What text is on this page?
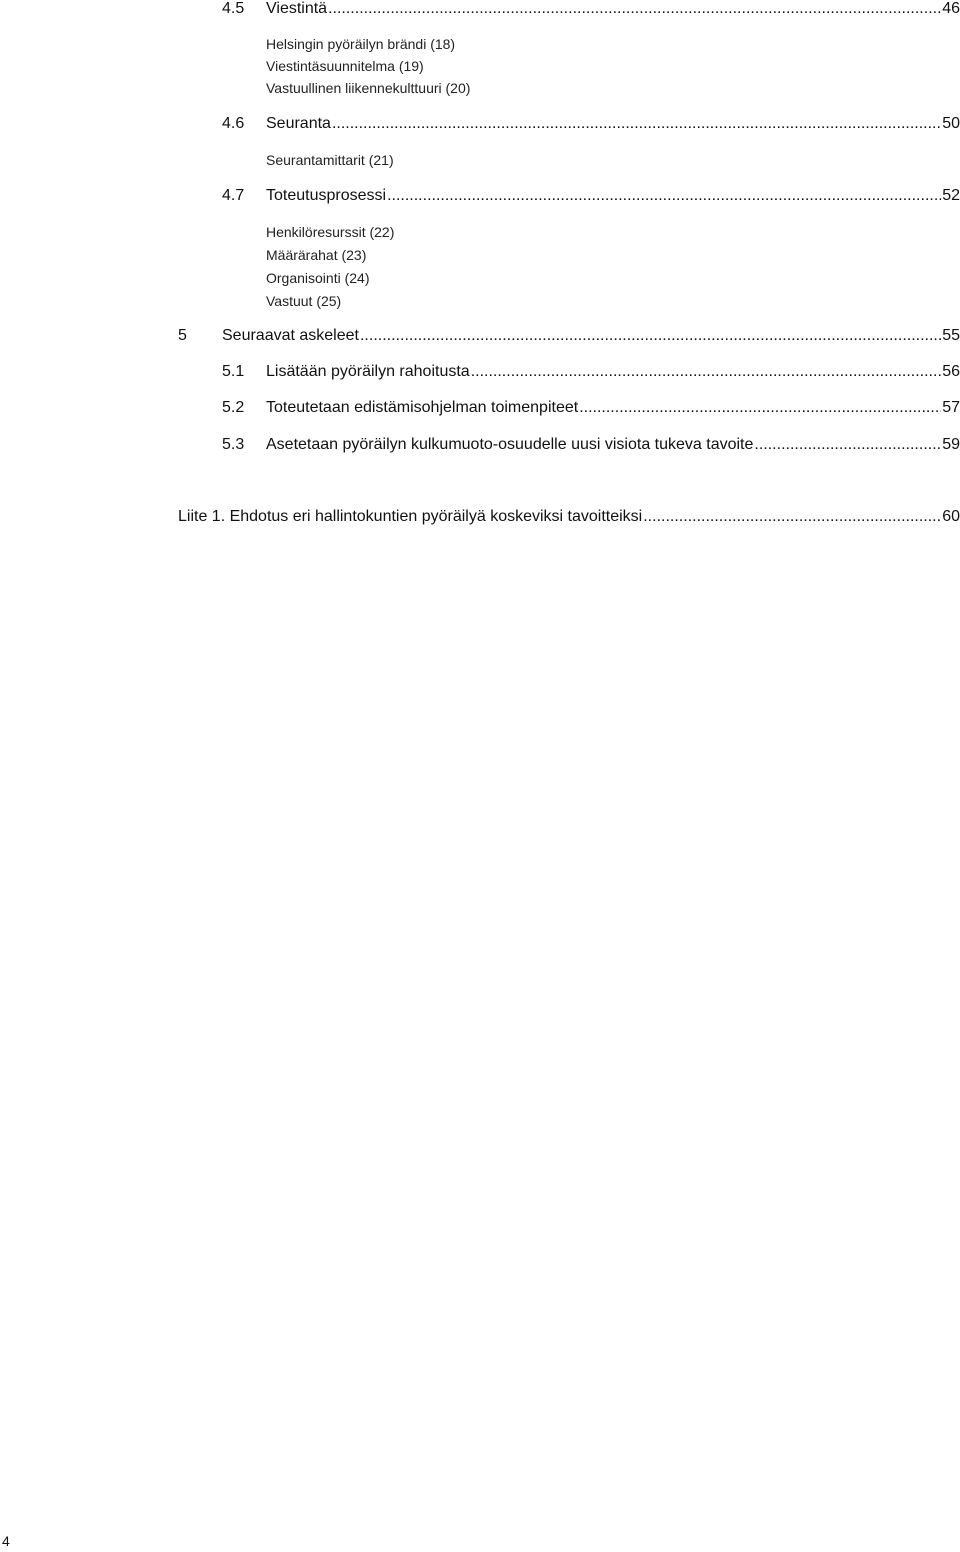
4.5	Viestintä .....	46
Helsingin pyöräilyn brändi (18)
Viestintäsuunnitelma (19)
Vastuullinen liikennekulttuuri (20)
4.6	Seuranta .....	50
Seurantamittarit (21)
4.7	Toteutusprosessi .....	52
Henkilöresurssit (22)
Määrärahat (23)
Organisointi (24)
Vastuut (25)
5	Seuraavat askeleet .....	55
5.1	Lisätään pyöräilyn rahoitusta .....	56
5.2	Toteutetaan edistämisohjelman toimenpiteet .....	57
5.3	Asetetaan pyöräilyn kulkumuoto-osuudelle uusi visiota tukeva tavoite .....	59
Liite 1. Ehdotus eri hallintokuntien pyöräilyä koskeviksi tavoitteiksi .....	60
4
